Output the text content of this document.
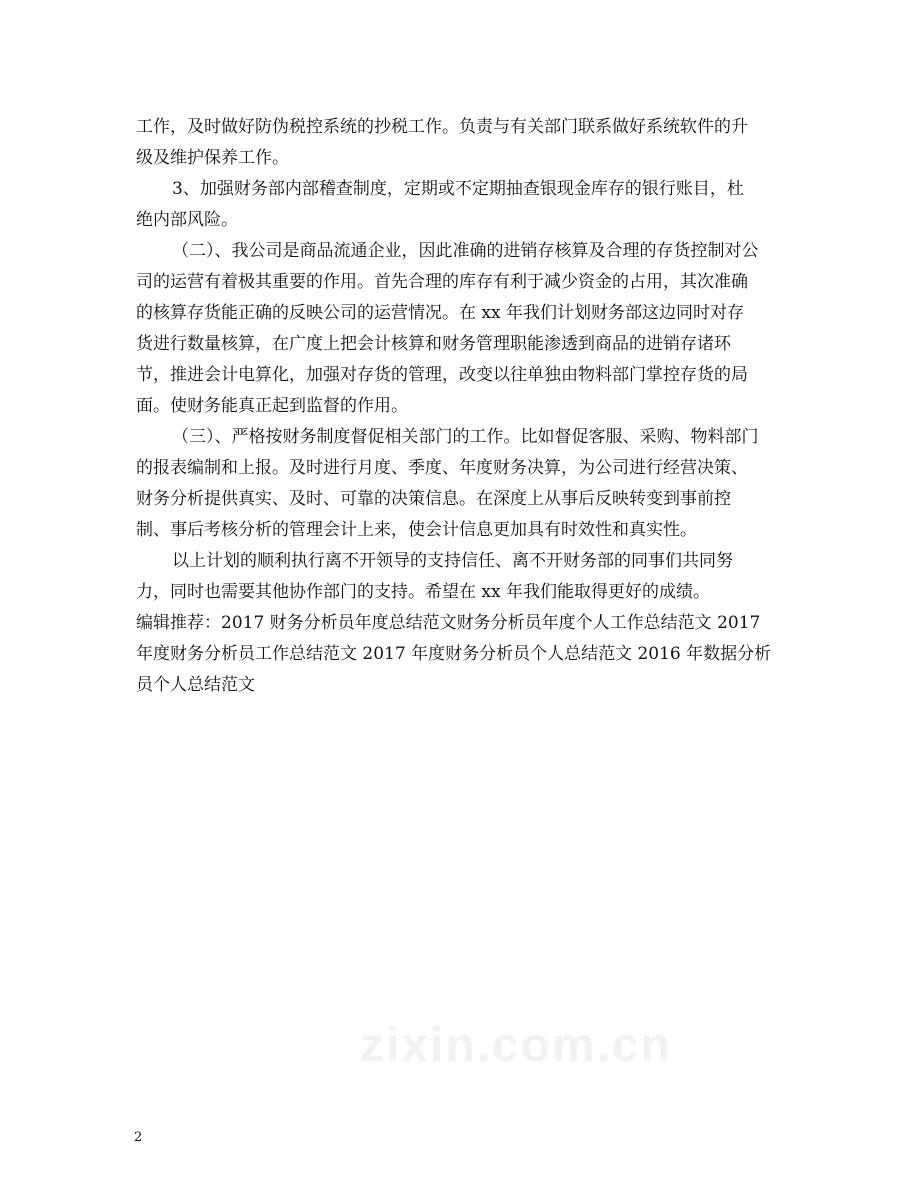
zixin.com.cn

工作，及时做好防伪税控系统的抄税工作。负责与有关部门联系做好系统软件的升

级及维护保养工作。

3、加强财务部内部稽查制度，定期或不定期抽查银现金库存的银行账目，杜

绝内部风险。

（二）、我公司是商品流通企业，因此准确的进销存核算及合理的存货控制对公

司的运营有着极其重要的作用。首先合理的库存有利于减少资金的占用，其次准确

的核算存货能正确的反映公司的运营情况。在 xx 年我们计划财务部这边同时对存

货进行数量核算，在广度上把会计核算和财务管理职能渗透到商品的进销存诸环

节，推进会计电算化，加强对存货的管理，改变以往单独由物料部门掌控存货的局

面。使财务能真正起到监督的作用。

（三）、严格按财务制度督促相关部门的工作。比如督促客服、采购、物料部门

的报表编制和上报。及时进行月度、季度、年度财务决算，为公司进行经营决策、

财务分析提供真实、及时、可靠的决策信息。在深度上从事后反映转变到事前控

制、事后考核分析的管理会计上来，使会计信息更加具有时效性和真实性。

以上计划的顺利执行离不开领导的支持信任、离不开财务部的同事们共同努

力，同时也需要其他协作部门的支持。希望在 xx 年我们能取得更好的成绩。

编辑推荐：2017 财务分析员年度总结范文财务分析员年度个人工作总结范文 2017

年度财务分析员工作总结范文 2017 年度财务分析员个人总结范文 2016 年数据分析

员个人总结范文

2
